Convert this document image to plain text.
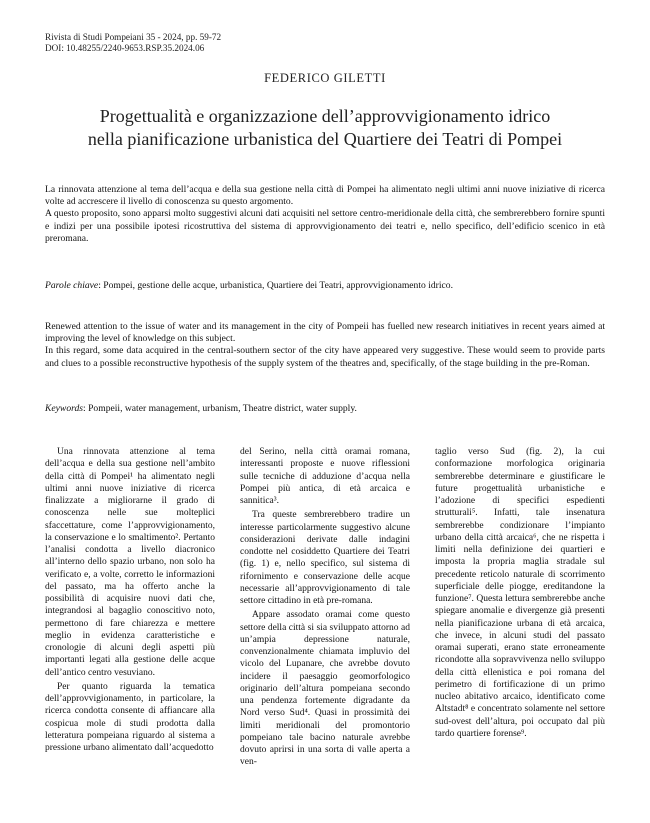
Rivista di Studi Pompeiani 35 - 2024, pp. 59-72
DOI: 10.48255/2240-9653.RSP.35.2024.06
FEDERICO GILETTI
Progettualità e organizzazione dell’approvvigionamento idrico
nella pianificazione urbanistica del Quartiere dei Teatri di Pompei

La rinnovata attenzione al tema dell’acqua e della sua gestione nella città di Pompei ha alimentato negli ultimi anni nuove iniziative di ricerca volte ad accrescere il livello di conoscenza su questo argomento.

A questo proposito, sono apparsi molto suggestivi alcuni dati acquisiti nel settore centro-meridionale della città, che sembrerebbero fornire spunti e indizi per una possibile ipotesi ricostruttiva del sistema di approvvigionamento dei teatri e, nello specifico, dell’edificio scenico in età preromana.

Parole chiave: Pompei, gestione delle acque, urbanistica, Quartiere dei Teatri, approvvigionamento idrico.

Renewed attention to the issue of water and its management in the city of Pompeii has fuelled new research initiatives in recent years aimed at improving the level of knowledge on this subject.

In this regard, some data acquired in the central-southern sector of the city have appeared very suggestive. These would seem to provide parts and clues to a possible reconstructive hypothesis of the supply system of the theatres and, specifically, of the stage building in the pre-Roman.

Keywords: Pompeii, water management, urbanism, Theatre district, water supply.

Una rinnovata attenzione al tema dell’acqua e della sua gestione nell’ambito della città di Pompei¹ ha alimentato negli ultimi anni nuove iniziative di ricerca finalizzate a migliorarne il grado di conoscenza nelle sue molteplici sfaccettature, come l’approvvigionamento, la conservazione e lo smaltimento². Pertanto l’analisi condotta a livello diacronico all’interno dello spazio urbano, non solo ha verificato e, a volte, corretto le informazioni del passato, ma ha offerto anche la possibilità di acquisire nuovi dati che, integrandosi al bagaglio conoscitivo noto, permettono di fare chiarezza e mettere meglio in evidenza caratteristiche e cronologie di alcuni degli aspetti più importanti legati alla gestione delle acque dell’antico centro vesuviano.

Per quanto riguarda la tematica dell’approvvigionamento, in particolare, la ricerca condotta consente di affiancare alla cospicua mole di studi prodotta dalla letteratura pompeiana riguardo al sistema a pressione urbano alimentato dall’acquedotto

del Serino, nella città oramai romana, interessanti proposte e nuove riflessioni sulle tecniche di adduzione d’acqua nella Pompei più antica, di età arcaica e sannitica³.

Tra queste sembrerebbero tradire un interesse particolarmente suggestivo alcune considerazioni derivate dalle indagini condotte nel cosiddetto Quartiere dei Teatri (fig. 1) e, nello specifico, sul sistema di rifornimento e conservazione delle acque necessarie all’approvvigionamento di tale settore cittadino in età pre-romana.

Appare assodato oramai come questo settore della città si sia sviluppato attorno ad un’ampia depressione naturale, convenzionalmente chiamata impluvio del vicolo del Lupanare, che avrebbe dovuto incidere il paesaggio geomorfologico originario dell’altura pompeiana secondo una pendenza fortemente digradante da Nord verso Sud⁴. Quasi in prossimità dei limiti meridionali del promontorio pompeiano tale bacino naturale avrebbe dovuto aprirsi in una sorta di valle aperta a ven-

taglio verso Sud (fig. 2), la cui conformazione morfologica originaria sembrerebbe determinare e giustificare le future progettualità urbanistiche e l’adozione di specifici espedienti strutturali⁵. Infatti, tale insenatura sembrerebbe condizionare l’impianto urbano della città arcaica⁶, che ne rispetta i limiti nella definizione dei quartieri e imposta la propria maglia stradale sul precedente reticolo naturale di scorrimento superficiale delle piogge, ereditandone la funzione⁷. Questa lettura sembrerebbe anche spiegare anomalie e divergenze già presenti nella pianificazione urbana di età arcaica, che invece, in alcuni studi del passato oramai superati, erano state erroneamente ricondotte alla sopravvivenza nello sviluppo della città ellenistica e poi romana del perimetro di fortificazione di un primo nucleo abitativo arcaico, identificato come Altstadt⁸ e concentrato solamente nel settore sud-ovest dell’altura, poi occupato dal più tardo quartiere forense⁹.
